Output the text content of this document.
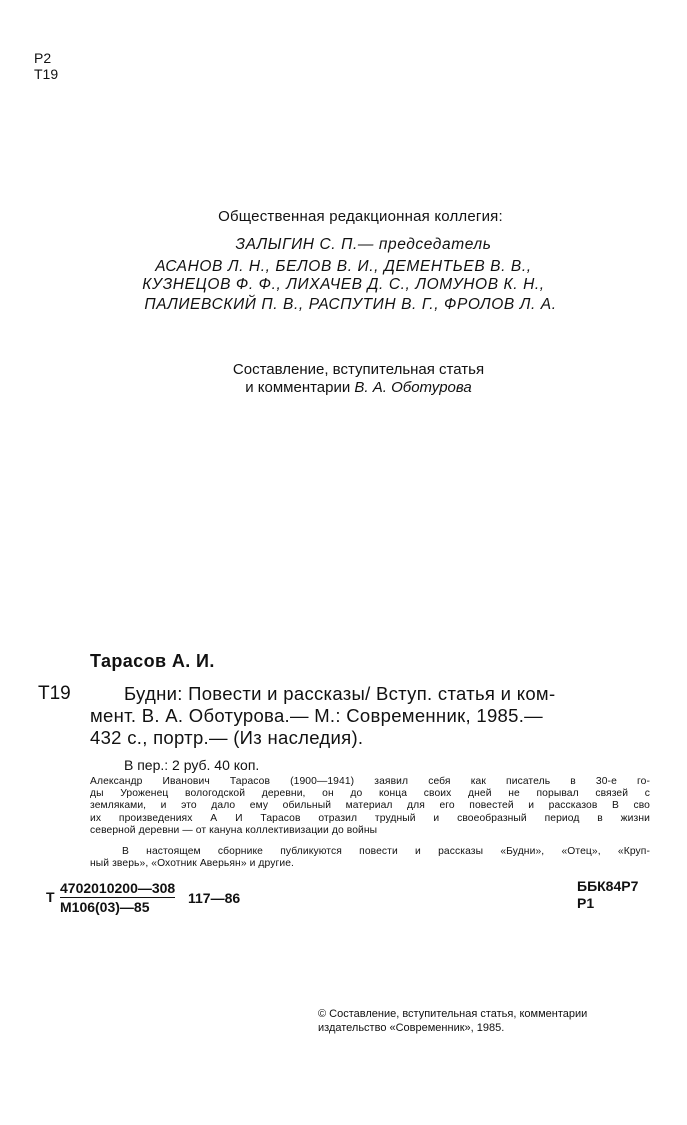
Р2
Т19
Общественная редакционная коллегия:
ЗАЛЫГИН С. П.— председатель
АСАНОВ Л. Н., БЕЛОВ В. И., ДЕМЕНТЬЕВ В. В.,
КУЗНЕЦОВ Ф. Ф., ЛИХАЧЕВ Д. С., ЛОМУНОВ К. Н.,
ПАЛИЕВСКИЙ П. В., РАСПУТИН В. Г., ФРОЛОВ Л. А.
Составление, вступительная статья
и комментарии В. А. Оботурова
Тарасов А. И.
Т19	Будни: Повести и рассказы/ Вступ. статья и ком-
мент. В. А. Оботурова.— М.: Современник, 1985.—
432 с., портр.— (Из наследия).
В пер.: 2 руб. 40 коп.

Александр Иванович Тарасов (1900—1941) заявил себя как писатель в 30-е го-

ды Уроженец вологодской деревни, он до конца своих дней не порывал связей с

земляками, и это дало ему обильный материал для его повестей и рассказов В сво

их произведениях А И Тарасов отразил трудный и своеобразный период в жизни

северной деревни — от кануна коллективизации до войны

В настоящем сборнике публикуются повести и рассказы «Будни», «Отец», «Круп-

ный зверь», «Охотник Аверьян» и другие.

Т
4702010200—308
М106(03)—85
117—86
ББК84Р7
Р1
© Составление, вступительная статья, комментарии
издательство «Современник», 1985.
